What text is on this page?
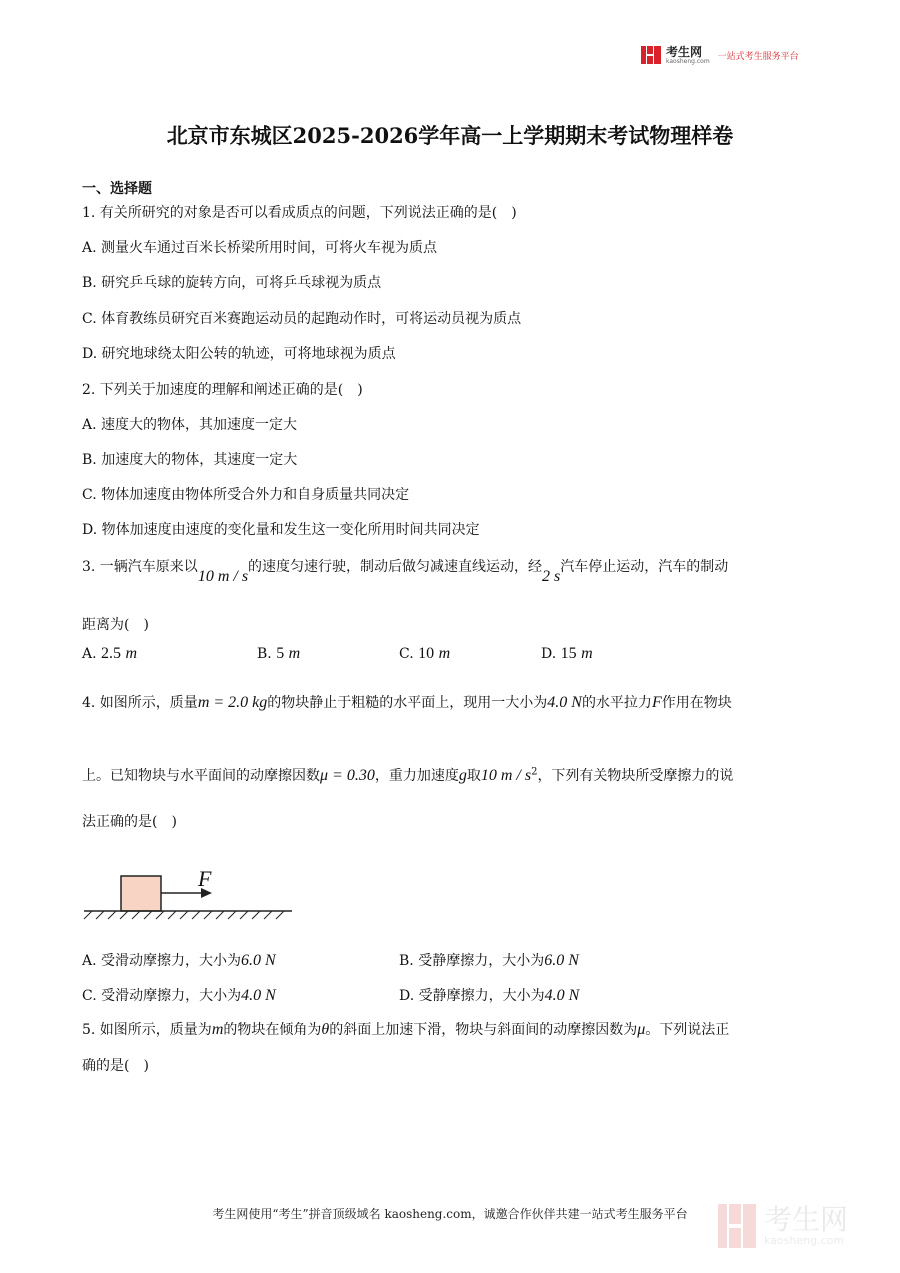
考生网
kaosheng.com 一站式考生服务平台
北京市东城区2025-2026学年高一上学期期末考试物理样卷
一、选择题
1. 有关所研究的对象是否可以看成质点的问题，下列说法正确的是(　)
A. 测量火车通过百米长桥梁所用时间，可将火车视为质点
B. 研究乒乓球的旋转方向，可将乒乓球视为质点
C. 体育教练员研究百米赛跑运动员的起跑动作时，可将运动员视为质点
D. 研究地球绕太阳公转的轨迹，可将地球视为质点
2. 下列关于加速度的理解和阐述正确的是(　)
A. 速度大的物体，其加速度一定大
B. 加速度大的物体，其速度一定大
C. 物体加速度由物体所受合外力和自身质量共同决定
D. 物体加速度由速度的变化量和发生这一变化所用时间共同决定
3. 一辆汽车原来以10 m / s的速度匀速行驶，制动后做匀减速直线运动，经2 s汽车停止运动，汽车的制动
距离为(　)
A. 2.5 m	B. 5 m	C. 10 m	D. 15 m
4. 如图所示，质量m = 2.0 kg的物块静止于粗糙的水平面上，现用一大小为4.0 N的水平拉力F作用在物块
上。已知物块与水平面间的动摩擦因数μ = 0.30，重力加速度g取10 m / $s^2$，下列有关物块所受摩擦力的说
法正确的是(　)
F
A. 受滑动摩擦力，大小为6.0 N	B. 受静摩擦力，大小为6.0 N
C. 受滑动摩擦力，大小为4.0 N	D. 受静摩擦力，大小为4.0 N
5. 如图所示，质量为m的物块在倾角为θ的斜面上加速下滑，物块与斜面间的动摩擦因数为μ。下列说法正
确的是(　)
考生网使用“考生”拼音顶级域名 kaosheng.com，诚邀合作伙伴共建一站式考生服务平台	考生网
kaosheng.com
